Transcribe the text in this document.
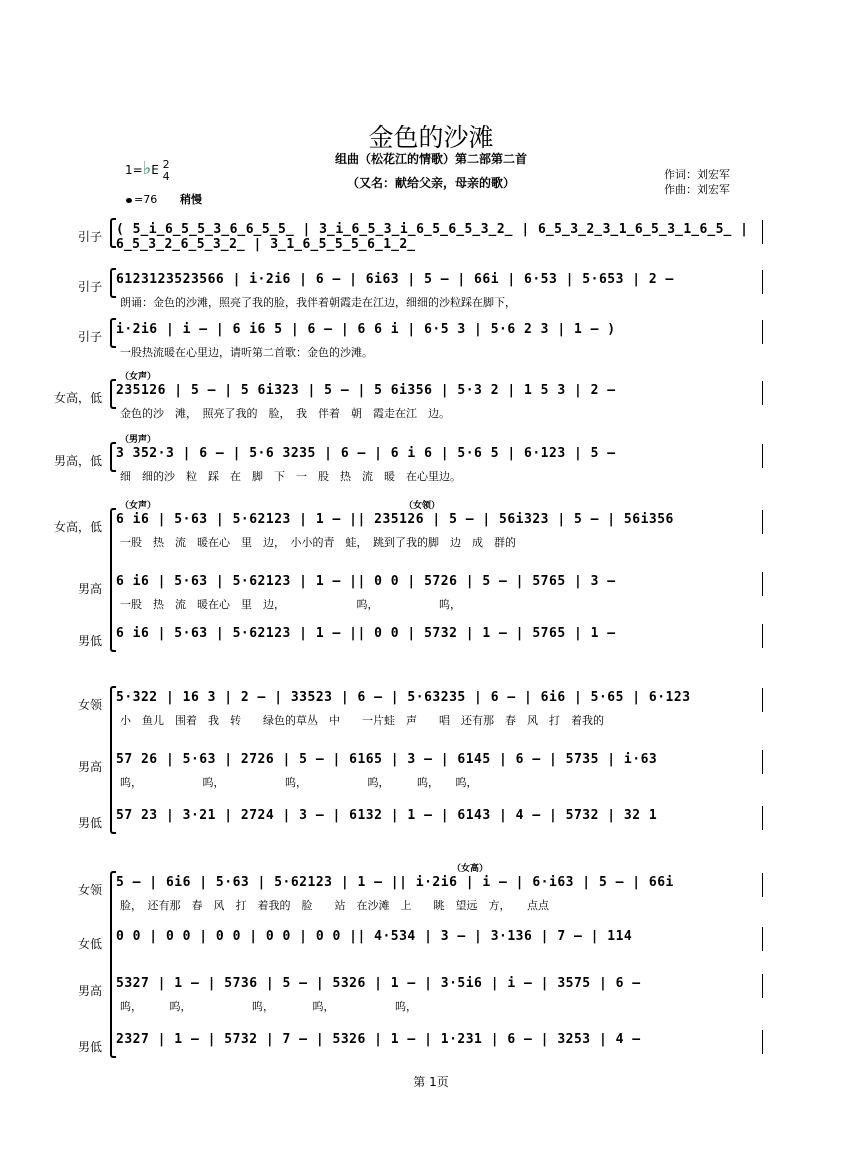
金色的沙滩
组曲（松花江的情歌）第二部第二首
（又名：献给父亲，母亲的歌）
作词：刘宏军
作曲：刘宏军
1=♭E 2
4
=76 稍慢
引子 ( 5̲i̲6̲5̲5̲3̲6̲6̲5̲5̲ | 3̲i̲6̲5̲3̲i̲6̲5̲6̲5̲3̲2̲ | 6̲5̲3̲2̲3̲1̲6̲5̲3̲1̲6̲5̲ | 6̲5̲3̲2̲6̲5̲3̲2̲ | 3̲1̲6̲5̲5̲5̲6̲1̲2̲
引子 6123123523566 | i·2i6 | 6 – | 6i63 | 5 – | 66i | 6·53 | 5·653 | 2 –
朗诵：金色的沙滩，照亮了我的脸，我伴着朝霞走在江边，细细的沙粒踩在脚下，
引子 i·2i6 | i – | 6 i6 5 | 6 – | 6 6 i | 6·5 3 | 5·6 2 3 | 1 – )
一股热流暖在心里边，请听第二首歌：金色的沙滩。
女高，低
（女声）
235126 | 5 – | 5 6i323 | 5 – | 5 6i356 | 5·3 2 | 1 5 3 | 2 –
金色的沙　滩，　照亮了我的　脸，　我　伴着　朝　霞走在江　边。
男高，低
（男声）
3 352·3 | 6 – | 5·6 3235 | 6 – | 6 i 6 | 5·6 5 | 6·123 | 5 –
细　细的沙　粒　踩　在　脚　下　一　股　热　流　暖　在心里边。
女高，低
（女声）	（女领）
6 i6 | 5·63 | 5·62123 | 1 – || 235126 | 5 – | 56i323 | 5 – | 56i356
一股　热　流　暖在心　里　边，　小小的青　蛙，　跳到了我的脚　边　成　群的
男高 6 i6 | 5·63 | 5·62123 | 1 – || 0 0 | 5726 | 5 – | 5765 | 3 –
一股　热　流　暖在心　里　边，　　　　　　　呜，　　　　　　呜，
男低 6 i6 | 5·63 | 5·62123 | 1 – || 0 0 | 5732 | 1 – | 5765 | 1 –
女领 5·322 | 16 3 | 2 – | 33523 | 6 – | 5·63235 | 6 – | 6i6 | 5·65 | 6·123
小　鱼儿　围着　我　转　　绿色的草丛　中　　一片蛙　声　　唱　还有那　春　风　打　着我的
男高 57 26 | 5·63 | 2726 | 5 – | 6165 | 3 – | 6145 | 6 – | 5735 | i·63
呜，　　　　　　呜，　　　　　　呜，　　　　　　呜，　　　呜，　　呜，
男低 57 23 | 3·21 | 2724 | 3 – | 6132 | 1 – | 6143 | 4 – | 5732 | 32 1
女领
（女高）
5 – | 6i6 | 5·63 | 5·62123 | 1 – || i·2i6 | i – | 6·i63 | 5 – | 66i
脸，　还有那　春　风　打　着我的　脸　　站　在沙滩　上　　眺　望远　方，　　点点
女低 0 0 | 0 0 | 0 0 | 0 0 | 0 0 || 4·534 | 3 – | 3·136 | 7 – | 114
男高 5327 | 1 – | 5736 | 5 – | 5326 | 1 – | 3·5i6 | i – | 3575 | 6 –
呜，　　　呜，　　　　　　呜，　　　　呜，　　　　　　呜，
男低 2327 | 1 – | 5732 | 7 – | 5326 | 1 – | 1·231 | 6 – | 3253 | 4 –
第 1页
